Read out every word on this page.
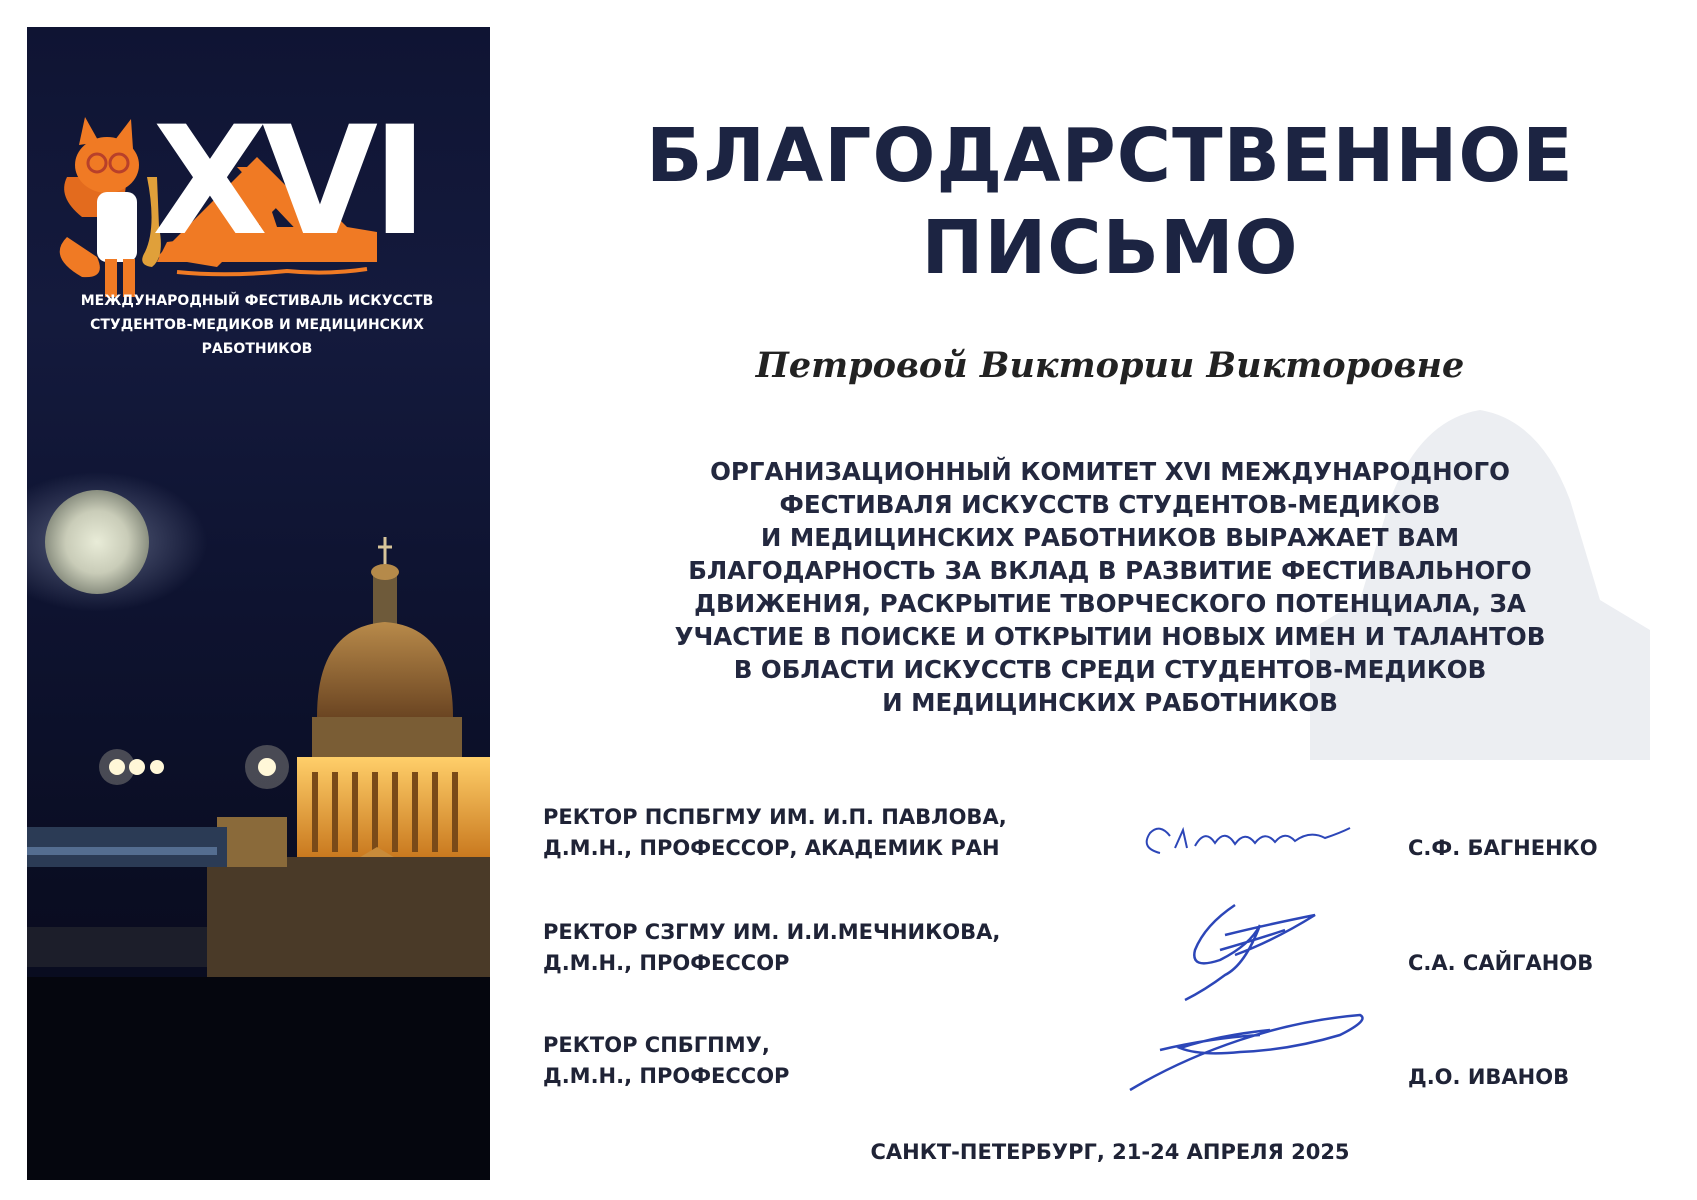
XVI
МЕЖДУНАРОДНЫЙ ФЕСТИВАЛЬ ИСКУССТВ
СТУДЕНТОВ-МЕДИКОВ И МЕДИЦИНСКИХ
РАБОТНИКОВ
БЛАГОДАРСТВЕННОЕ
ПИСЬМО
Петровой Виктории Викторовне
ОРГАНИЗАЦИОННЫЙ КОМИТЕТ XVI МЕЖДУНАРОДНОГО
ФЕСТИВАЛЯ ИСКУССТВ СТУДЕНТОВ-МЕДИКОВ
И МЕДИЦИНСКИХ РАБОТНИКОВ ВЫРАЖАЕТ ВАМ
БЛАГОДАРНОСТЬ ЗА ВКЛАД В РАЗВИТИЕ ФЕСТИВАЛЬНОГО
ДВИЖЕНИЯ, РАСКРЫТИЕ ТВОРЧЕСКОГО ПОТЕНЦИАЛА, ЗА
УЧАСТИЕ В ПОИСКЕ И ОТКРЫТИИ НОВЫХ ИМЕН И ТАЛАНТОВ
В ОБЛАСТИ ИСКУССТВ СРЕДИ СТУДЕНТОВ-МЕДИКОВ
И МЕДИЦИНСКИХ РАБОТНИКОВ
РЕКТОР ПСПБГМУ ИМ. И.П. ПАВЛОВА,
Д.М.Н., ПРОФЕССОР, АКАДЕМИК РАН	С.Ф. БАГНЕНКО
РЕКТОР СЗГМУ ИМ. И.И.МЕЧНИКОВА,
Д.М.Н., ПРОФЕССОР	С.А. САЙГАНОВ
РЕКТОР СПБГПМУ,
Д.М.Н., ПРОФЕССОР	Д.О. ИВАНОВ
САНКТ-ПЕТЕРБУРГ, 21-24 АПРЕЛЯ 2025
